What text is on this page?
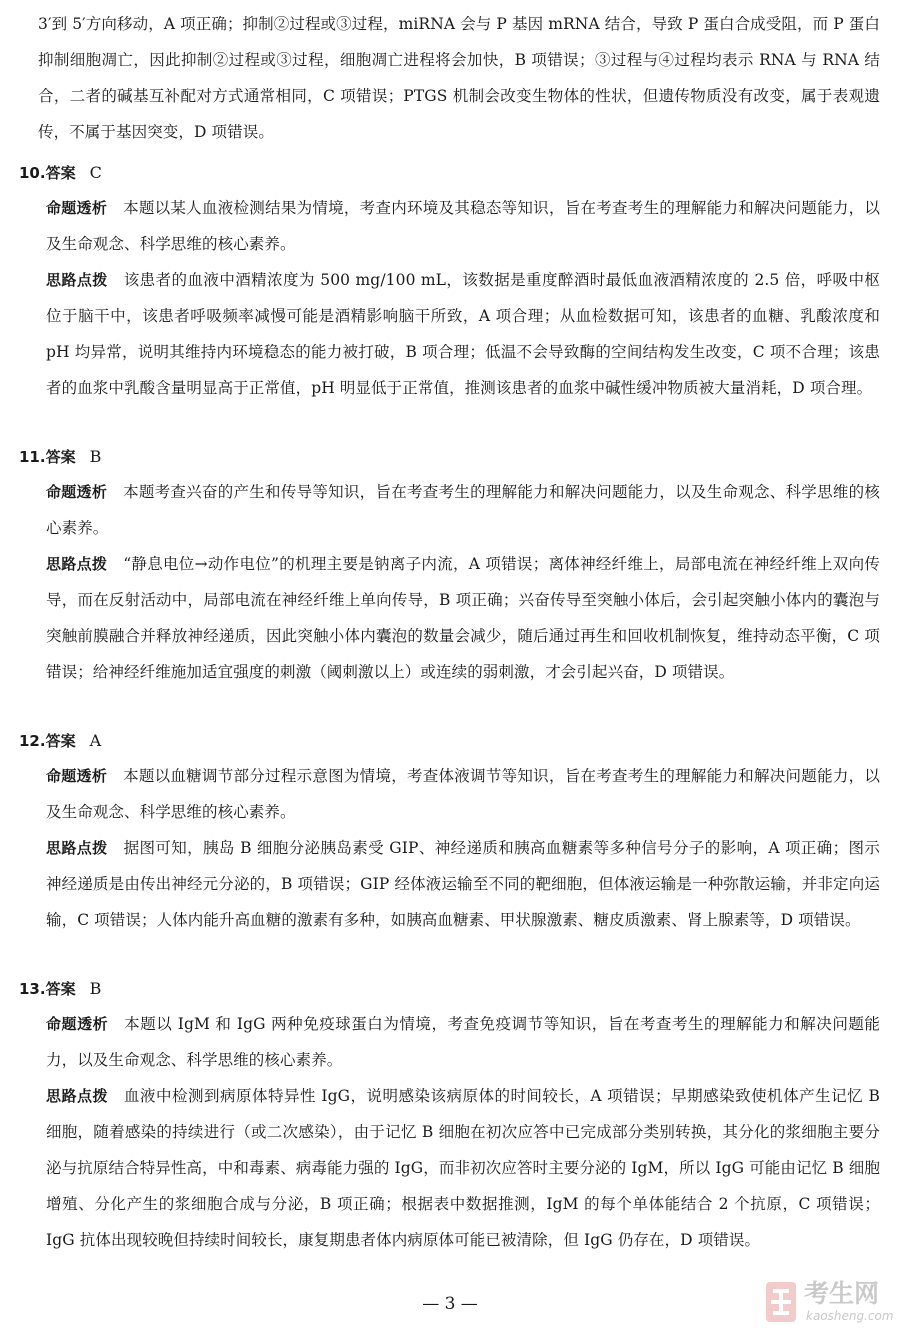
3′到 5′方向移动，A 项正确；抑制②过程或③过程，miRNA 会与 P 基因 mRNA 结合，导致 P 蛋白合成受阻，而 P 蛋白抑制细胞凋亡，因此抑制②过程或③过程，细胞凋亡进程将会加快，B 项错误；③过程与④过程均表示 RNA 与 RNA 结合，二者的碱基互补配对方式通常相同，C 项错误；PTGS 机制会改变生物体的性状，但遗传物质没有改变，属于表观遗传，不属于基因突变，D 项错误。

10.答案 C

命题透析 本题以某人血液检测结果为情境，考查内环境及其稳态等知识，旨在考查考生的理解能力和解决问题能力，以及生命观念、科学思维的核心素养。

思路点拨 该患者的血液中酒精浓度为 500 mg/100 mL，该数据是重度醉酒时最低血液酒精浓度的 2.5 倍，呼吸中枢位于脑干中，该患者呼吸频率减慢可能是酒精影响脑干所致，A 项合理；从血检数据可知，该患者的血糖、乳酸浓度和 pH 均异常，说明其维持内环境稳态的能力被打破，B 项合理；低温不会导致酶的空间结构发生改变，C 项不合理；该患者的血浆中乳酸含量明显高于正常值，pH 明显低于正常值，推测该患者的血浆中碱性缓冲物质被大量消耗，D 项合理。

11.答案 B

命题透析 本题考查兴奋的产生和传导等知识，旨在考查考生的理解能力和解决问题能力，以及生命观念、科学思维的核心素养。

思路点拨 “静息电位→动作电位”的机理主要是钠离子内流，A 项错误；离体神经纤维上，局部电流在神经纤维上双向传导，而在反射活动中，局部电流在神经纤维上单向传导，B 项正确；兴奋传导至突触小体后，会引起突触小体内的囊泡与突触前膜融合并释放神经递质，因此突触小体内囊泡的数量会减少，随后通过再生和回收机制恢复，维持动态平衡，C 项错误；给神经纤维施加适宜强度的刺激（阈刺激以上）或连续的弱刺激，才会引起兴奋，D 项错误。

12.答案 A

命题透析 本题以血糖调节部分过程示意图为情境，考查体液调节等知识，旨在考查考生的理解能力和解决问题能力，以及生命观念、科学思维的核心素养。

思路点拨 据图可知，胰岛 B 细胞分泌胰岛素受 GIP、神经递质和胰高血糖素等多种信号分子的影响，A 项正确；图示神经递质是由传出神经元分泌的，B 项错误；GIP 经体液运输至不同的靶细胞，但体液运输是一种弥散运输，并非定向运输，C 项错误；人体内能升高血糖的激素有多种，如胰高血糖素、甲状腺激素、糖皮质激素、肾上腺素等，D 项错误。

13.答案 B

命题透析 本题以 IgM 和 IgG 两种免疫球蛋白为情境，考查免疫调节等知识，旨在考查考生的理解能力和解决问题能力，以及生命观念、科学思维的核心素养。

思路点拨 血液中检测到病原体特异性 IgG，说明感染该病原体的时间较长，A 项错误；早期感染致使机体产生记忆 B 细胞，随着感染的持续进行（或二次感染），由于记忆 B 细胞在初次应答中已完成部分类别转换，其分化的浆细胞主要分泌与抗原结合特异性高，中和毒素、病毒能力强的 IgG，而非初次应答时主要分泌的 IgM，所以 IgG 可能由记忆 B 细胞增殖、分化产生的浆细胞合成与分泌，B 项正确；根据表中数据推测，IgM 的每个单体能结合 2 个抗原，C 项错误；IgG 抗体出现较晚但持续时间较长，康复期患者体内病原体可能已被清除，但 IgG 仍存在，D 项错误。

— 3 —	考生网
kaosheng.com
